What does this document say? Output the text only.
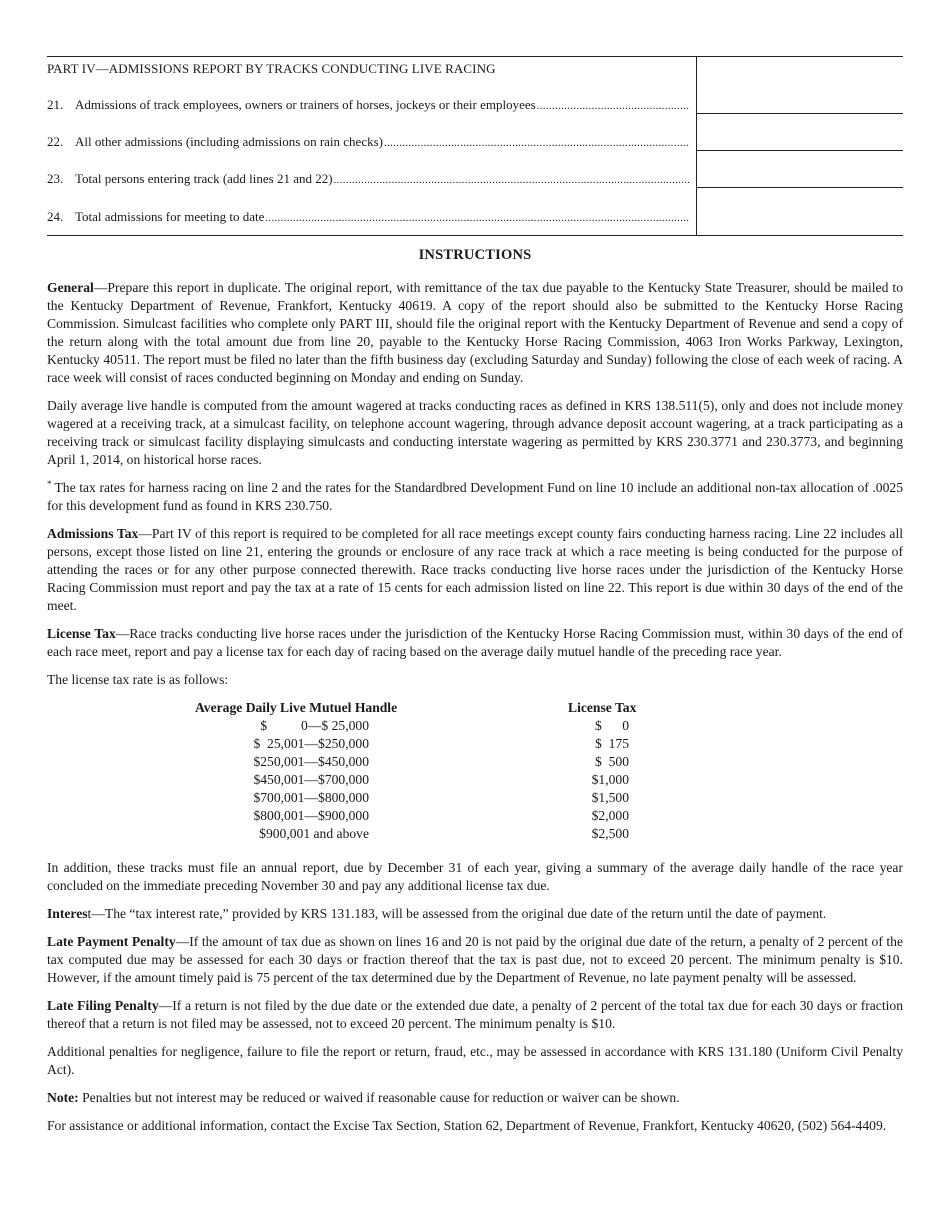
PART IV—ADMISSIONS REPORT BY TRACKS CONDUCTING LIVE RACING
21. Admissions of track employees, owners or trainers of horses, jockeys or their employees
.....
22. All other admissions (including admissions on rain checks)
.....
23. Total persons entering track (add lines 21 and 22)
.....
24. Total admissions for meeting to date
.....
INSTRUCTIONS

General—Prepare this report in duplicate. The original report, with remittance of the tax due payable to the Kentucky State Treasurer, should be mailed to the Kentucky Department of Revenue, Frankfort, Kentucky 40619. A copy of the report should also be submitted to the Kentucky Horse Racing Commission. Simulcast facilities who complete only PART III, should file the original report with the Kentucky Department of Revenue and send a copy of the return along with the total amount due from line 20, payable to the Kentucky Horse Racing Commission, 4063 Iron Works Parkway, Lexington, Kentucky 40511. The report must be filed no later than the fifth business day (excluding Saturday and Sunday) following the close of each week of racing. A race week will consist of races conducted beginning on Monday and ending on Sunday.

Daily average live handle is computed from the amount wagered at tracks conducting races as defined in KRS 138.511(5), only and does not include money wagered at a receiving track, at a simulcast facility, on telephone account wagering, through advance deposit account wagering, at a track participating as a receiving track or simulcast facility displaying simulcasts and conducting interstate wagering as permitted by KRS 230.3771 and 230.3773, and beginning April 1, 2014, on historical horse races.

* The tax rates for harness racing on line 2 and the rates for the Standardbred Development Fund on line 10 include an additional non-tax allocation of .0025 for this development fund as found in KRS 230.750.

Admissions Tax—Part IV of this report is required to be completed for all race meetings except county fairs conducting harness racing. Line 22 includes all persons, except those listed on line 21, entering the grounds or enclosure of any race track at which a race meeting is being conducted for the purpose of attending the races or for any other purpose connected therewith. Race tracks conducting live horse races under the jurisdiction of the Kentucky Horse Racing Commission must report and pay the tax at a rate of 15 cents for each admission listed on line 22. This report is due within 30 days of the end of the meet.

License Tax—Race tracks conducting live horse races under the jurisdiction of the Kentucky Horse Racing Commission must, within 30 days of the end of each race meet, report and pay a license tax for each day of racing based on the average daily mutuel handle of the preceding race year.

The license tax rate is as follows:

Average Daily Live Mutuel Handle	License Tax
$          0—$ 25,000
$  25,001—$250,000
$250,001—$450,000
$450,001—$700,000
$700,001—$800,000
$800,001—$900,000
$900,001 and above
$      0
$  175
$  500
$1,000
$1,500
$2,000
$2,500

In addition, these tracks must file an annual report, due by December 31 of each year, giving a summary of the average daily handle of the race year concluded on the immediate preceding November 30 and pay any additional license tax due.

Interest—The “tax interest rate,” provided by KRS 131.183, will be assessed from the original due date of the return until the date of payment.

Late Payment Penalty—If the amount of tax due as shown on lines 16 and 20 is not paid by the original due date of the return, a penalty of 2 percent of the tax computed due may be assessed for each 30 days or fraction thereof that the tax is past due, not to exceed 20 percent. The minimum penalty is $10. However, if the amount timely paid is 75 percent of the tax determined due by the Department of Revenue, no late payment penalty will be assessed.

Late Filing Penalty—If a return is not filed by the due date or the extended due date, a penalty of 2 percent of the total tax due for each 30 days or fraction thereof that a return is not filed may be assessed, not to exceed 20 percent. The minimum penalty is $10.

Additional penalties for negligence, failure to file the report or return, fraud, etc., may be assessed in accordance with KRS 131.180 (Uniform Civil Penalty Act).

Note: Penalties but not interest may be reduced or waived if reasonable cause for reduction or waiver can be shown.

For assistance or additional information, contact the Excise Tax Section, Station 62, Department of Revenue, Frankfort, Kentucky 40620, (502) 564-4409.
